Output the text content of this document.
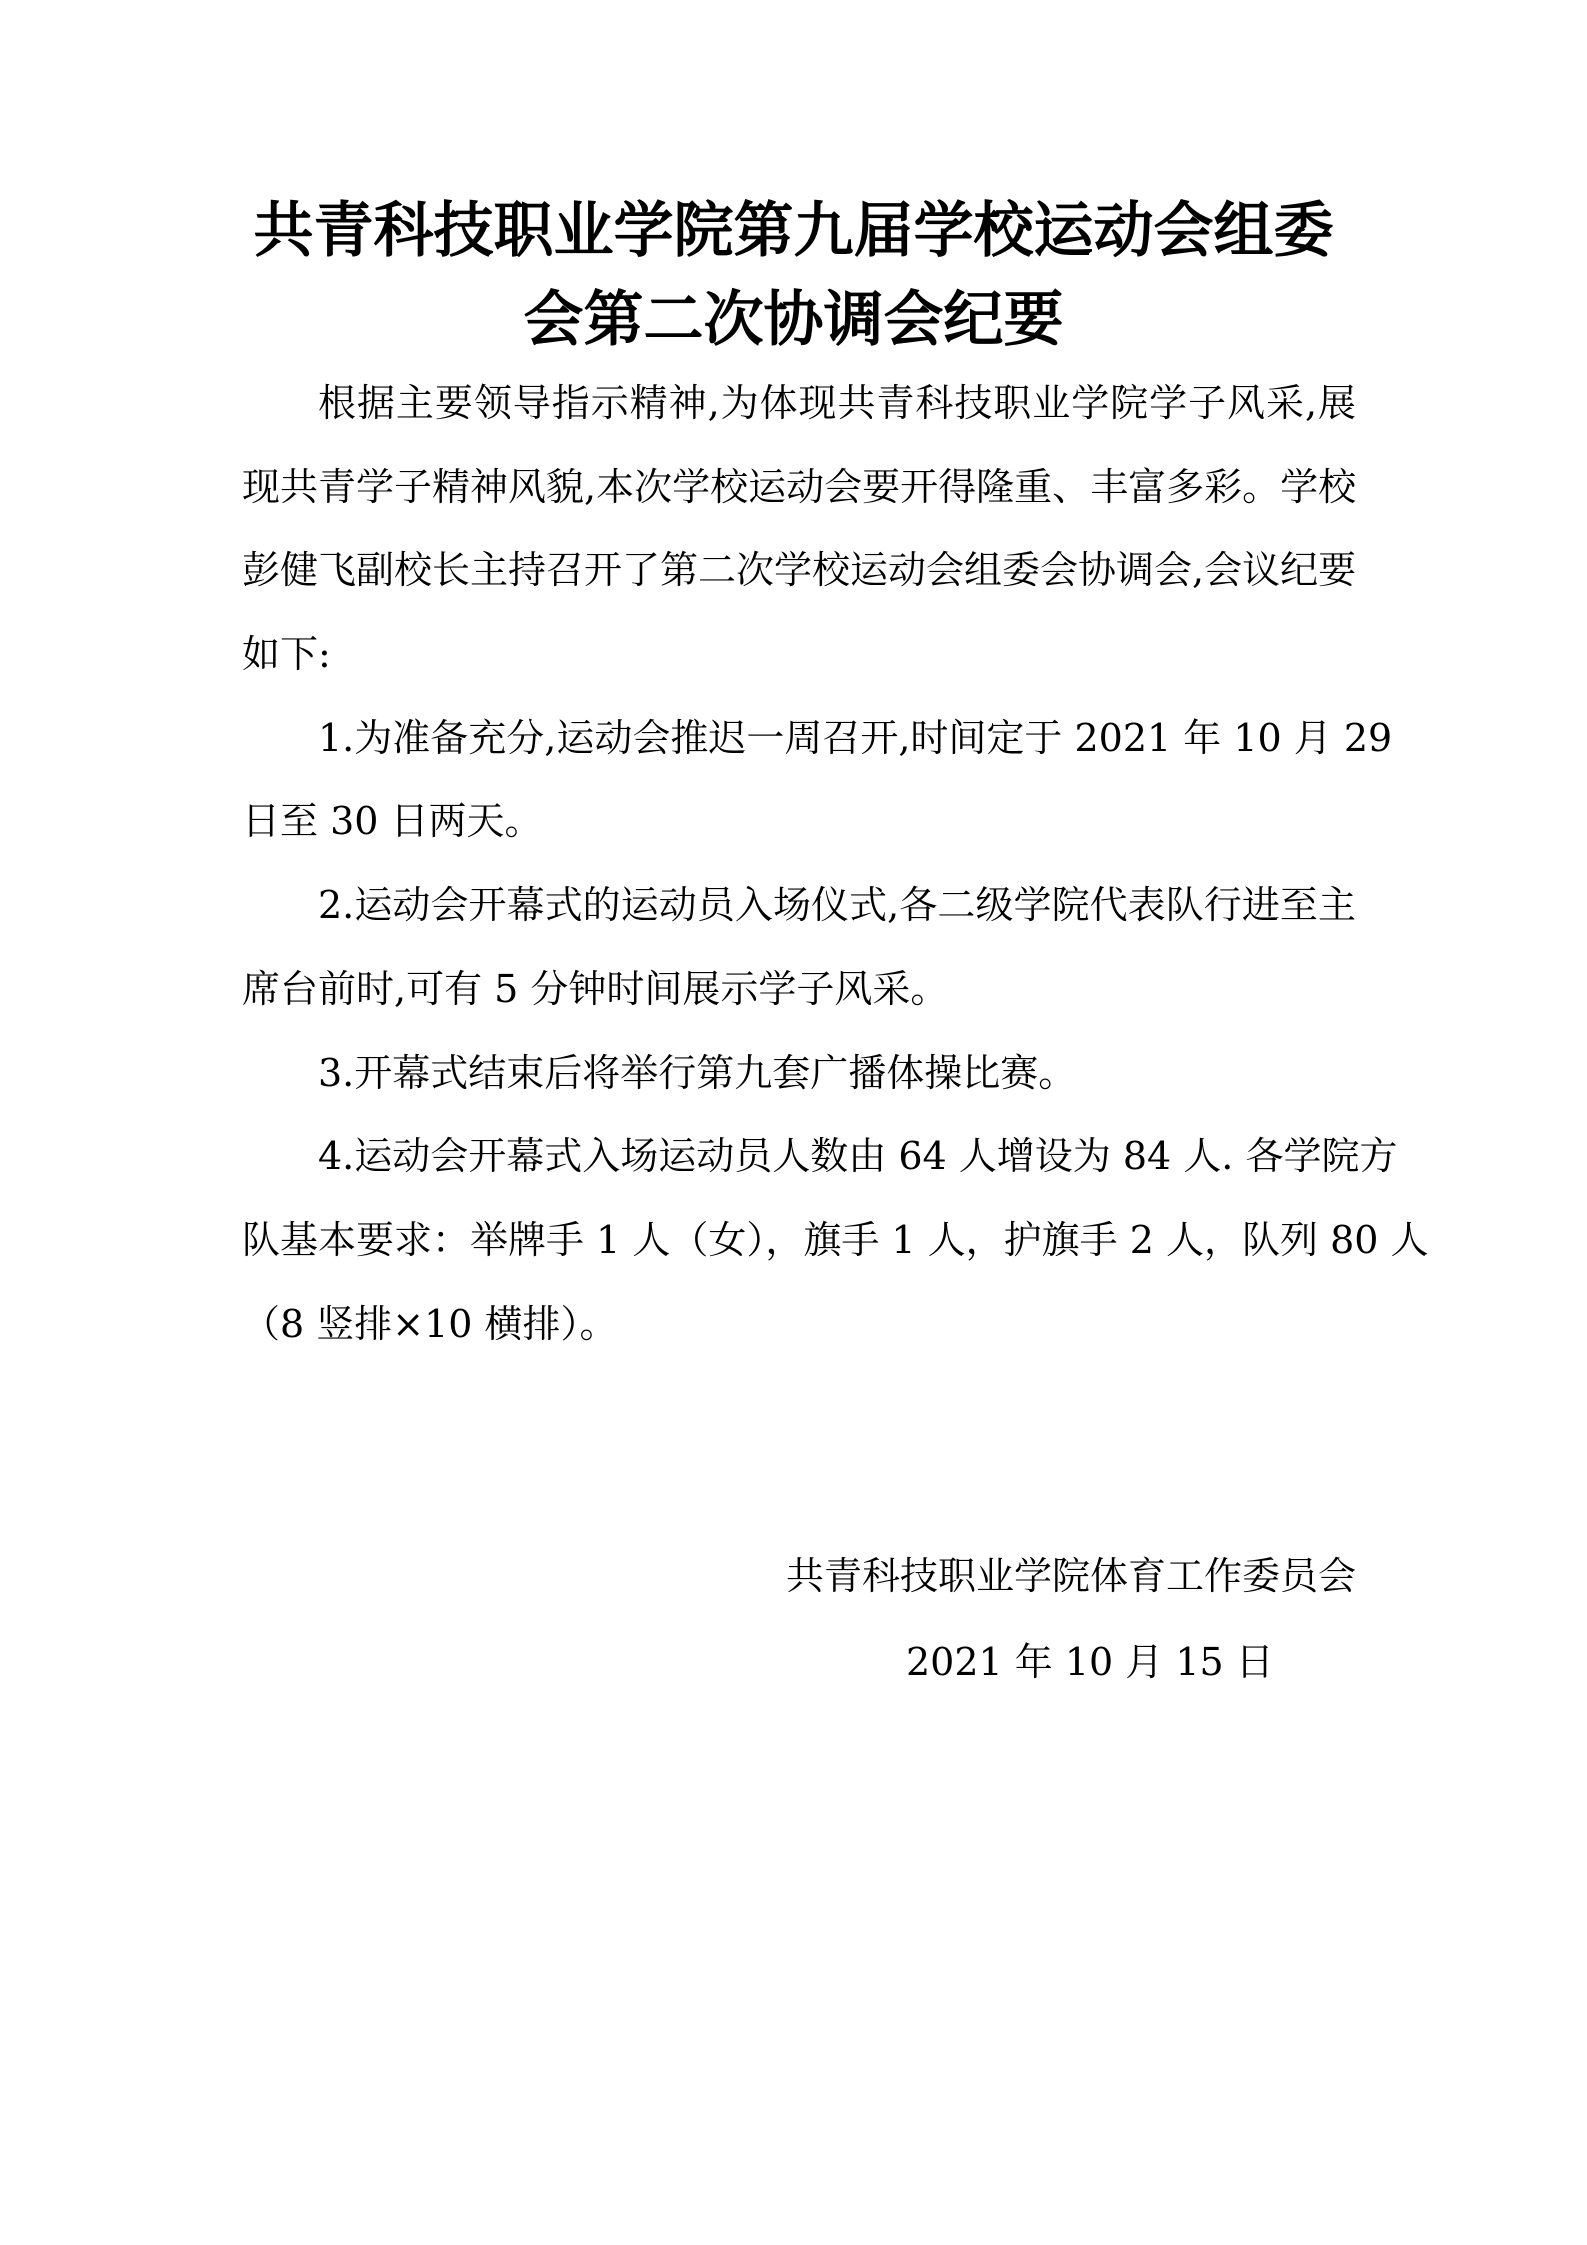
共青科技职业学院第九届学校运动会组委
会第二次协调会纪要
根据主要领导指示精神,为体现共青科技职业学院学子风采,展
现共青学子精神风貌,本次学校运动会要开得隆重、丰富多彩。学校
彭健飞副校长主持召开了第二次学校运动会组委会协调会,会议纪要
如下:
1.为准备充分,运动会推迟一周召开,时间定于 2021 年 10 月 29
日至 30 日两天。
2.运动会开幕式的运动员入场仪式,各二级学院代表队行进至主
席台前时,可有 5 分钟时间展示学子风采。
3.开幕式结束后将举行第九套广播体操比赛。
4.运动会开幕式入场运动员人数由 64 人增设为 84 人. 各学院方
队基本要求：举牌手 1 人（女），旗手 1 人，护旗手 2 人，队列 80 人
（8 竖排×10 横排）。
共青科技职业学院体育工作委员会
2021 年 10 月 15 日
